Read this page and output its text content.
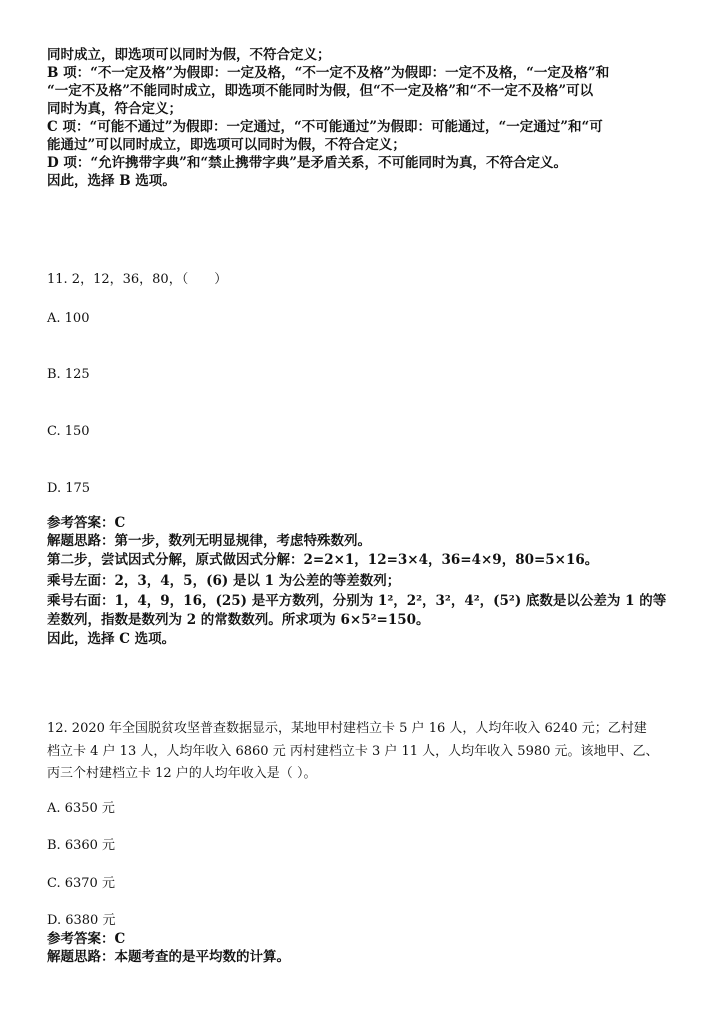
同时成立，即选项可以同时为假，不符合定义；
B 项：“不一定及格”为假即：一定及格，“不一定不及格”为假即：一定不及格，“一定及格”和
“一定不及格”不能同时成立，即选项不能同时为假，但“不一定及格”和“不一定不及格”可以
同时为真，符合定义；
C 项：“可能不通过”为假即：一定通过，“不可能通过”为假即：可能通过，“一定通过”和“可
能通过”可以同时成立，即选项可以同时为假，不符合定义；
D 项：“允许携带字典”和“禁止携带字典”是矛盾关系，不可能同时为真，不符合定义。
因此，选择 B 选项。
11. 2，12，36，80，（　　）
A. 100
B. 125
C. 150
D. 175
参考答案：C
解题思路：第一步，数列无明显规律，考虑特殊数列。
第二步，尝试因式分解，原式做因式分解：2=2×1，12=3×4，36=4×9，80=5×16。
乘号左面：2，3，4，5，(6) 是以 1 为公差的等差数列；
乘号右面：1，4，9，16，(25) 是平方数列，分别为 1²，2²，3²，4²，(5²) 底数是以公差为 1 的等
差数列，指数是数列为 2 的常数数列。所求项为 6×5²=150。
因此，选择 C 选项。
12. 2020 年全国脱贫攻坚普查数据显示，某地甲村建档立卡 5 户 16 人，人均年收入 6240 元；乙村建
档立卡 4 户 13 人，人均年收入 6860 元 丙村建档立卡 3 户 11 人，人均年收入 5980 元。该地甲、乙、
丙三个村建档立卡 12 户的人均年收入是（ ）。
A. 6350 元
B. 6360 元
C. 6370 元
D. 6380 元
参考答案：C
解题思路：本题考查的是平均数的计算。
